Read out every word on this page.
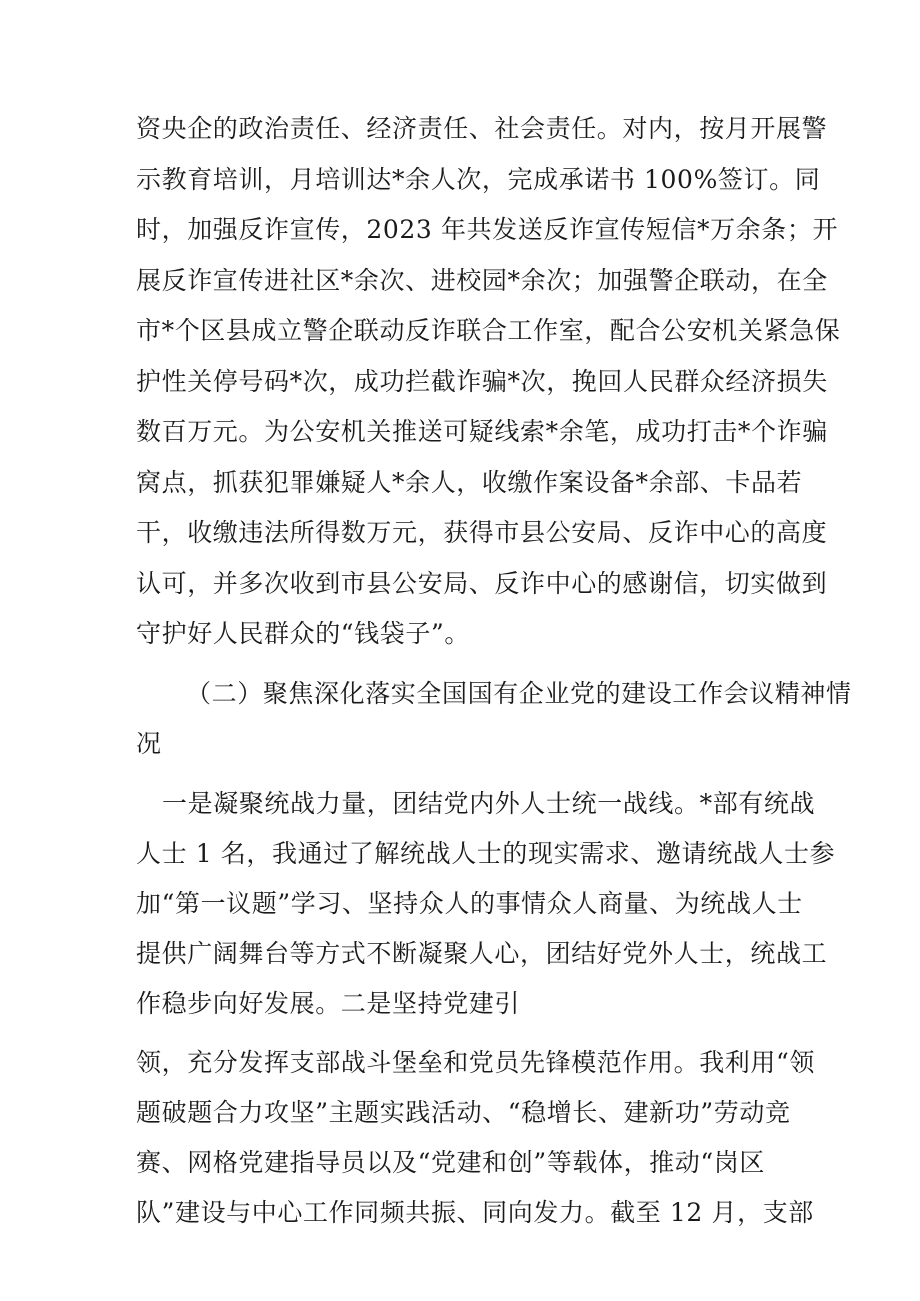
资央企的政治责任、经济责任、社会责任。对内，按月开展警
示教育培训，月培训达*余人次，完成承诺书 100%签订。同
时，加强反诈宣传，2023 年共发送反诈宣传短信*万余条；开
展反诈宣传进社区*余次、进校园*余次；加强警企联动，在全
市*个区县成立警企联动反诈联合工作室，配合公安机关紧急保
护性关停号码*次，成功拦截诈骗*次，挽回人民群众经济损失
数百万元。为公安机关推送可疑线索*余笔，成功打击*个诈骗
窝点，抓获犯罪嫌疑人*余人，收缴作案设备*余部、卡品若
干，收缴违法所得数万元，获得市县公安局、反诈中心的高度
认可，并多次收到市县公安局、反诈中心的感谢信，切实做到
守护好人民群众的“钱袋子”。
（二）聚焦深化落实全国国有企业党的建设工作会议精神情
况
一是凝聚统战力量，团结党内外人士统一战线。*部有统战
人士 1 名，我通过了解统战人士的现实需求、邀请统战人士参
加“第一议题”学习、坚持众人的事情众人商量、为统战人士
提供广阔舞台等方式不断凝聚人心，团结好党外人士，统战工
作稳步向好发展。二是坚持党建引
领，充分发挥支部战斗堡垒和党员先锋模范作用。我利用“领
题破题合力攻坚”主题实践活动、“稳增长、建新功”劳动竞
赛、网格党建指导员以及“党建和创”等载体，推动“岗区
队”建设与中心工作同频共振、同向发力。截至 12 月，支部
